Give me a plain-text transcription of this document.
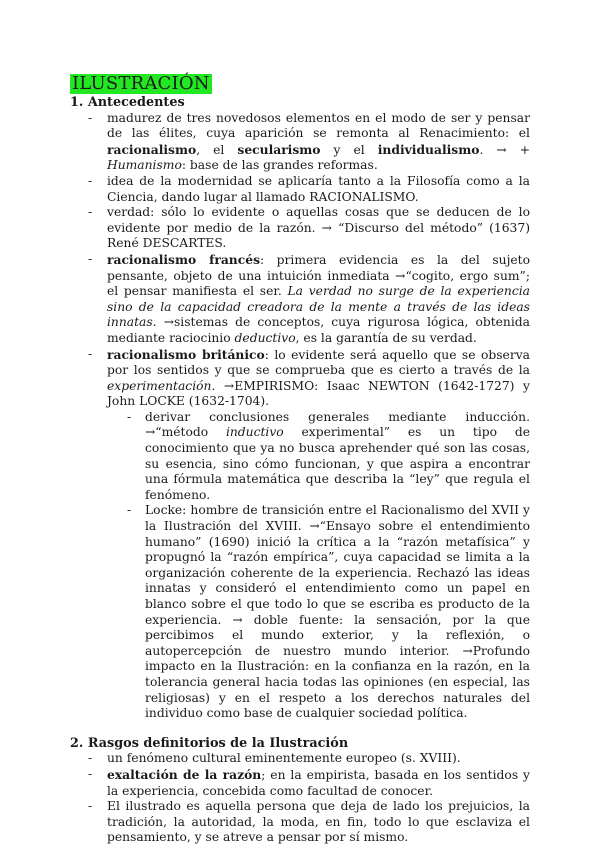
ILUSTRACIÓN
1. Antecedentes
- madurez de tres novedosos elementos en el modo de ser y pensar de las élites, cuya aparición se remonta al Renacimiento: el racionalismo, el secularismo y el individualismo. → + Humanismo: base de las grandes reformas.
- idea de la modernidad se aplicaría tanto a la Filosofía como a la Ciencia, dando lugar al llamado RACIONALISMO.
- verdad: sólo lo evidente o aquellas cosas que se deducen de lo evidente por medio de la razón. → “Discurso del método” (1637) René DESCARTES.
- racionalismo francés: primera evidencia es la del sujeto pensante, objeto de una intuición inmediata →“cogito, ergo sum”; el pensar manifiesta el ser. La verdad no surge de la experiencia sino de la capacidad creadora de la mente a través de las ideas innatas. →sistemas de conceptos, cuya rigurosa lógica, obtenida mediante raciocinio deductivo, es la garantía de su verdad.
- racionalismo británico: lo evidente será aquello que se observa por los sentidos y que se comprueba que es cierto a través de la experimentación. →EMPIRISMO: Isaac NEWTON (1642-1727) y John LOCKE (1632-1704).
- derivar conclusiones generales mediante inducción. →“método inductivo experimental” es un tipo de conocimiento que ya no busca aprehender qué son las cosas, su esencia, sino cómo funcionan, y que aspira a encontrar una fórmula matemática que describa la “ley” que regula el fenómeno.
- Locke: hombre de transición entre el Racionalismo del XVII y la Ilustración del XVIII. →“Ensayo sobre el entendimiento humano” (1690) inició la crítica a la “razón metafísica” y propugnó la “razón empírica”, cuya capacidad se limita a la organización coherente de la experiencia. Rechazó las ideas innatas y consideró el entendimiento como un papel en blanco sobre el que todo lo que se escriba es producto de la experiencia. → doble fuente: la sensación, por la que percibimos el mundo exterior, y la reflexión, o autopercepción de nuestro mundo interior. →Profundo impacto en la Ilustración: en la confianza en la razón, en la tolerancia general hacia todas las opiniones (en especial, las religiosas) y en el respeto a los derechos naturales del individuo como base de cualquier sociedad política.
2. Rasgos definitorios de la Ilustración
- un fenómeno cultural eminentemente europeo (s. XVIII).
- exaltación de la razón; en la empirista, basada en los sentidos y la experiencia, concebida como facultad de conocer.
- El ilustrado es aquella persona que deja de lado los prejuicios, la tradición, la autoridad, la moda, en fin, todo lo que esclaviza el pensamiento, y se atreve a pensar por sí mismo.
